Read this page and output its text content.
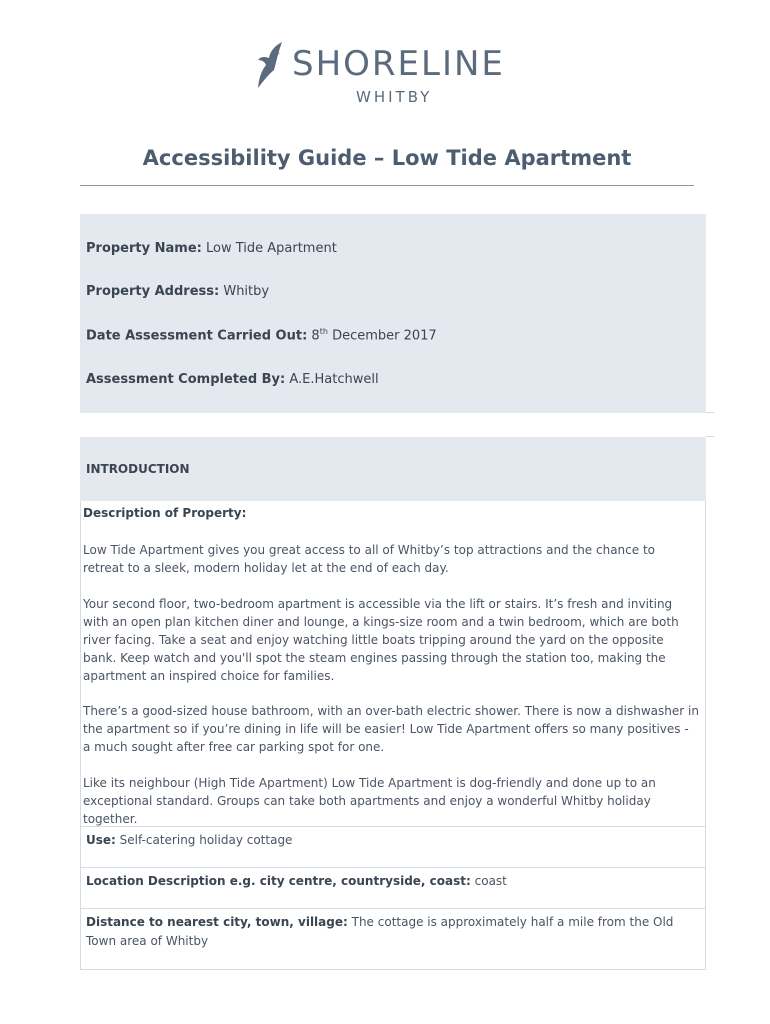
SHORELINE
WHITBY
Accessibility Guide – Low Tide Apartment
Property Name: Low Tide Apartment
Property Address: Whitby
Date Assessment Carried Out: 8th December 2017
Assessment Completed By: A.E.Hatchwell
INTRODUCTION
Description of Property:
Low Tide Apartment gives you great access to all of Whitby’s top attractions and the chance to retreat to a sleek, modern holiday let at the end of each day.
Your second floor, two-bedroom apartment is accessible via the lift or stairs. It’s fresh and inviting with an open plan kitchen diner and lounge, a kings-size room and a twin bedroom, which are both river facing. Take a seat and enjoy watching little boats tripping around the yard on the opposite bank. Keep watch and you'll spot the steam engines passing through the station too, making the apartment an inspired choice for families.
There’s a good-sized house bathroom, with an over-bath electric shower. There is now a dishwasher in the apartment so if you’re dining in life will be easier! Low Tide Apartment offers so many positives - a much sought after free car parking spot for one.
Like its neighbour (High Tide Apartment) Low Tide Apartment is dog-friendly and done up to an exceptional standard. Groups can take both apartments and enjoy a wonderful Whitby holiday together.
Use: Self-catering holiday cottage
Location Description e.g. city centre, countryside, coast: coast
Distance to nearest city, town, village: The cottage is approximately half a mile from the Old Town area of Whitby
